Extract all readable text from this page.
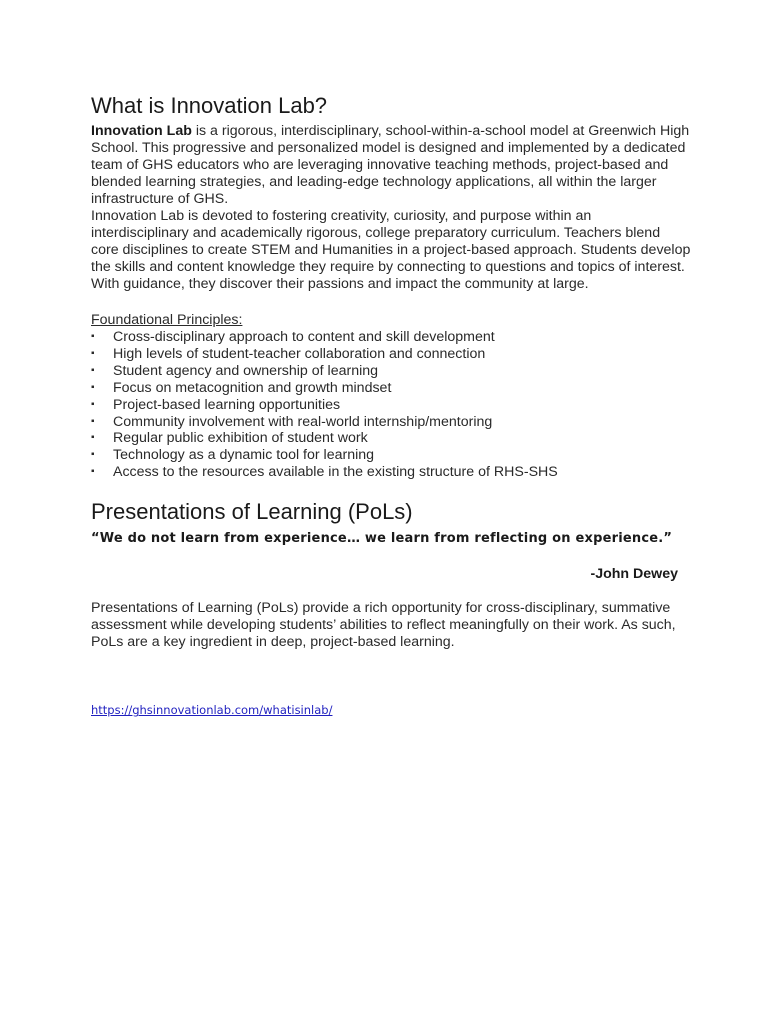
What is Innovation Lab?

Innovation Lab is a rigorous, interdisciplinary, school-within-a-school model at Greenwich High School. This progressive and personalized model is designed and implemented by a dedicated team of GHS educators who are leveraging innovative teaching methods, project-based and blended learning strategies, and leading-edge technology applications, all within the larger infrastructure of GHS.

Innovation Lab is devoted to fostering creativity, curiosity, and purpose within an interdisciplinary and academically rigorous, college preparatory curriculum. Teachers blend core disciplines to create STEM and Humanities in a project-based approach. Students develop the skills and content knowledge they require by connecting to questions and topics of interest. With guidance, they discover their passions and impact the community at large.

Foundational Principles:
▪ Cross-disciplinary approach to content and skill development
▪ High levels of student-teacher collaboration and connection
▪ Student agency and ownership of learning
▪ Focus on metacognition and growth mindset
▪ Project-based learning opportunities
▪ Community involvement with real-world internship/mentoring
▪ Regular public exhibition of student work
▪ Technology as a dynamic tool for learning
▪ Access to the resources available in the existing structure of RHS-SHS
Presentations of Learning (PoLs)

“We do not learn from experience… we learn from reflecting on experience.”

-John Dewey

Presentations of Learning (PoLs) provide a rich opportunity for cross-disciplinary, summative assessment while developing students’ abilities to reflect meaningfully on their work. As such, PoLs are a key ingredient in deep, project-based learning.

https://ghsinnovationlab.com/whatisinlab/
